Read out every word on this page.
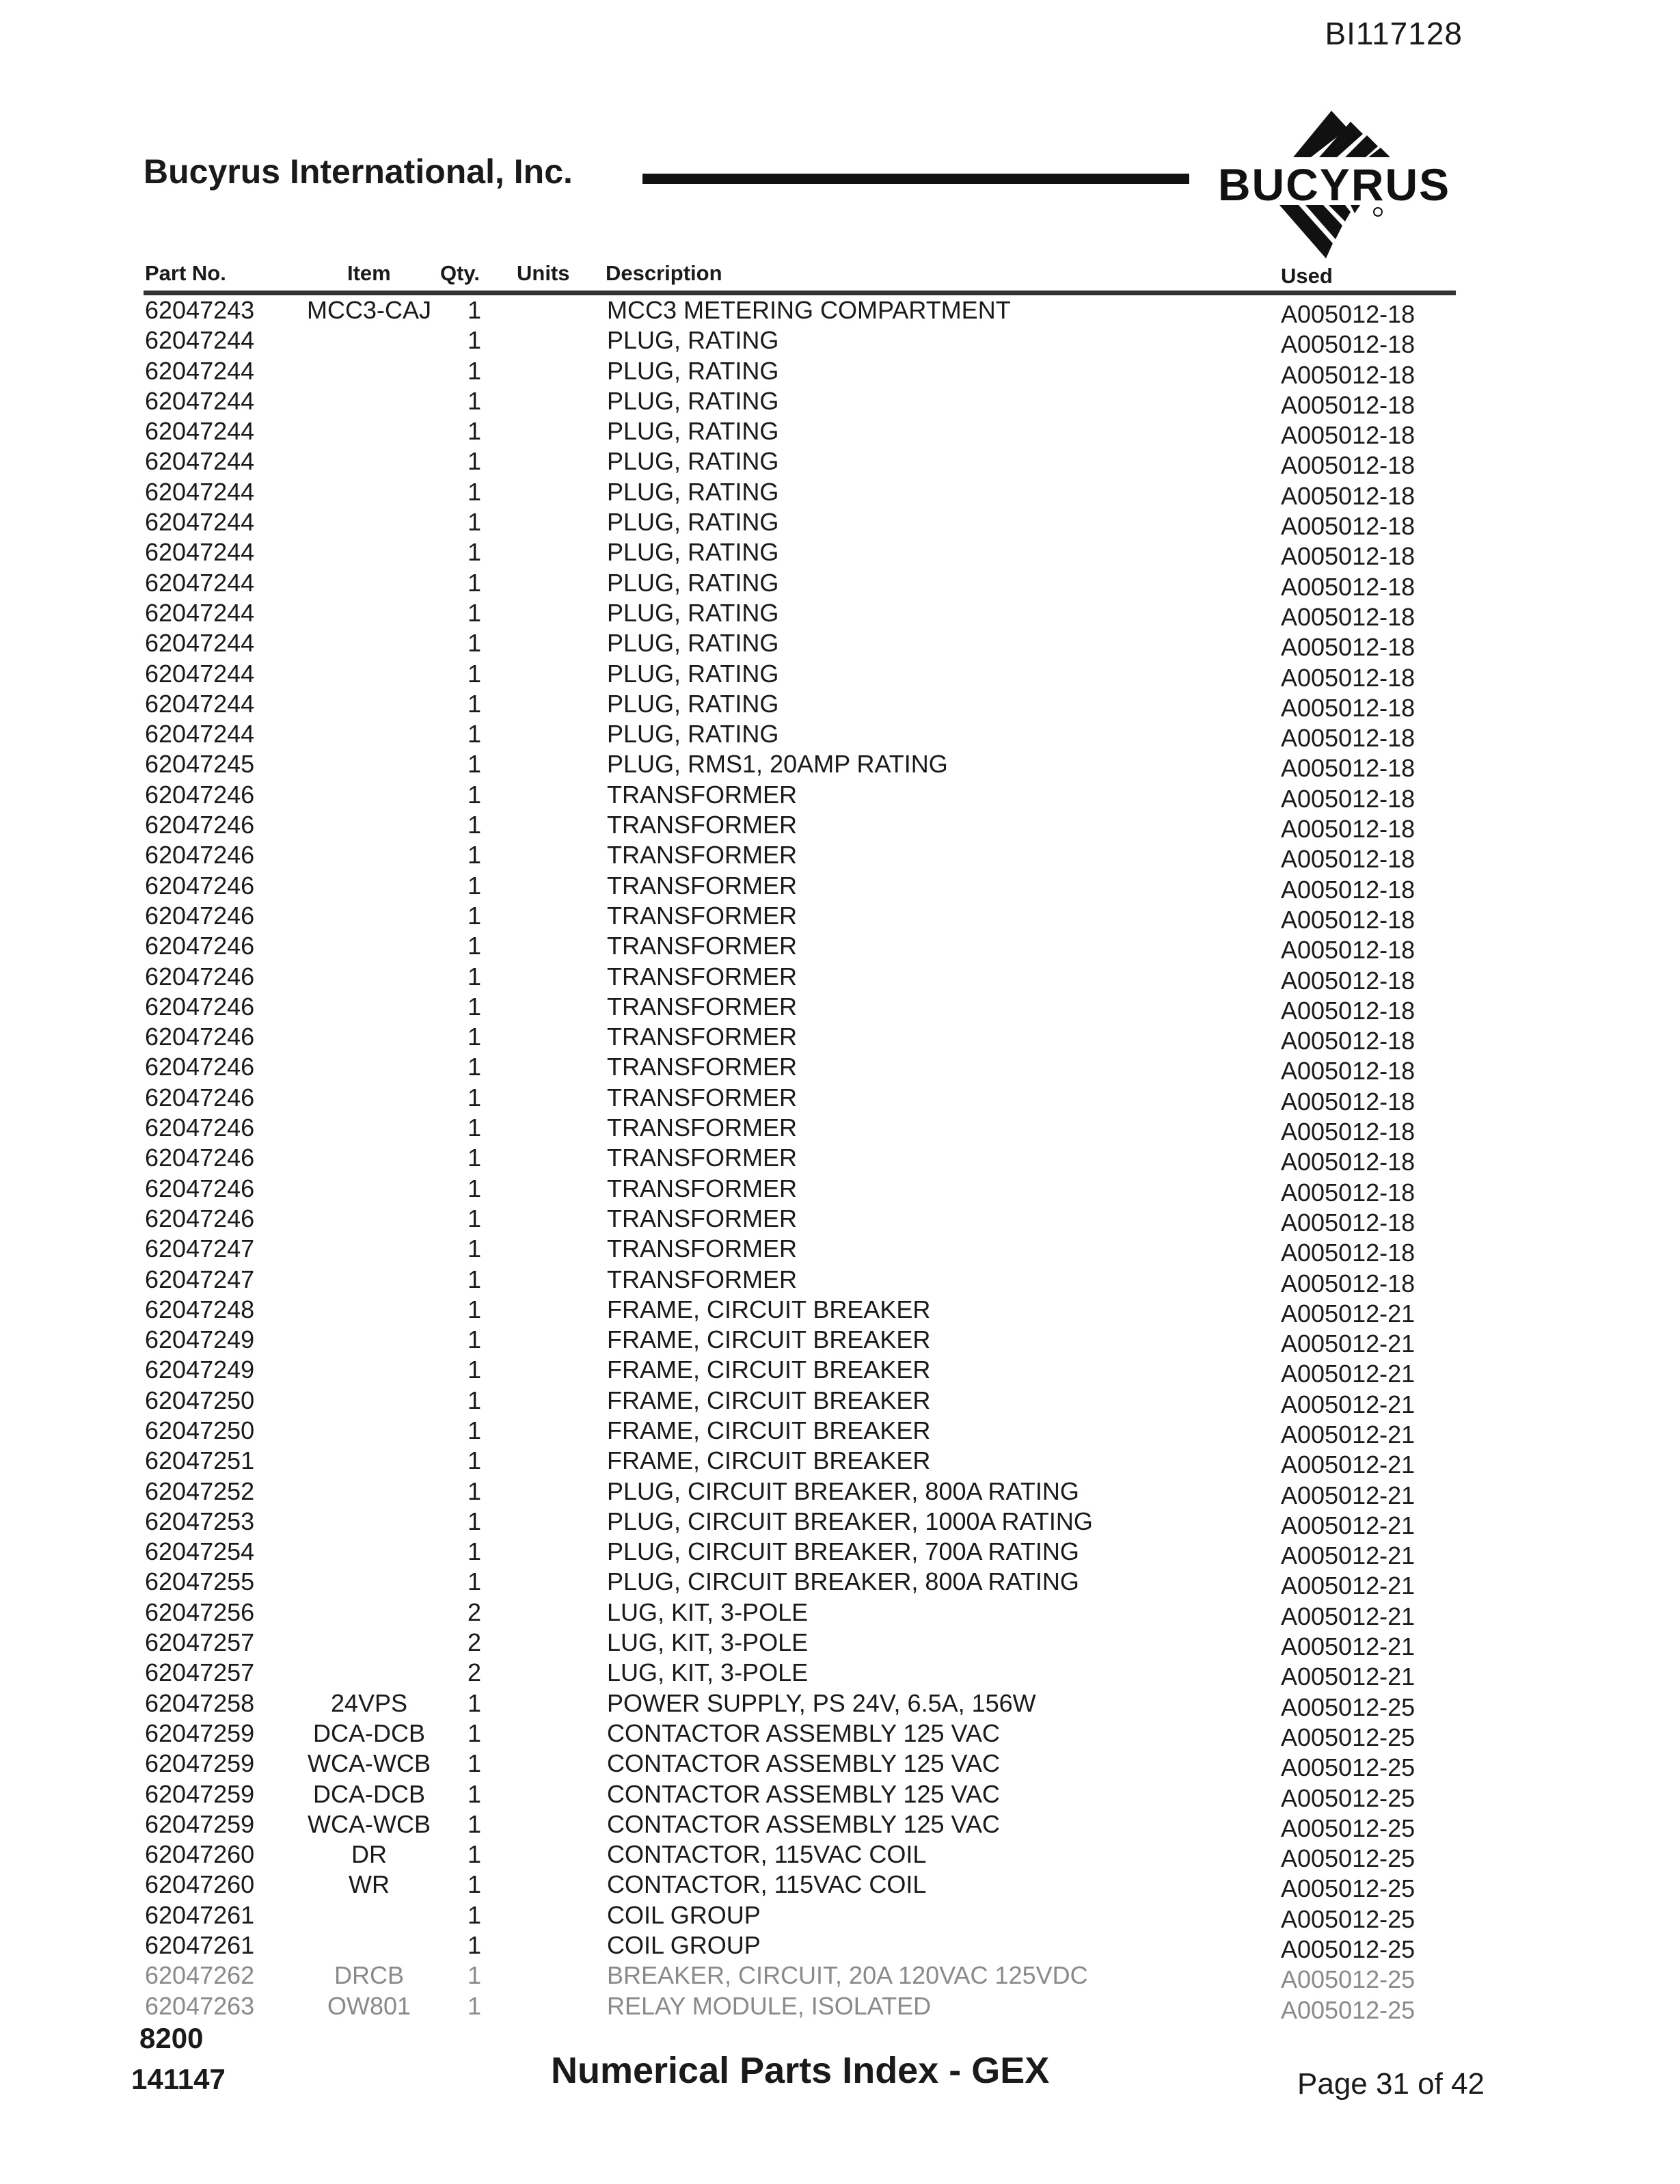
BI117128
Bucyrus International, Inc.	BUCYRUS
Part No.	Item Qty. Units Description	Used
62047243	MCC3-CAJ	1	MCC3 METERING COMPARTMENT	A005012-18
62047244	1	PLUG, RATING	A005012-18
62047244	1	PLUG, RATING	A005012-18
62047244	1	PLUG, RATING	A005012-18
62047244	1	PLUG, RATING	A005012-18
62047244	1	PLUG, RATING	A005012-18
62047244	1	PLUG, RATING	A005012-18
62047244	1	PLUG, RATING	A005012-18
62047244	1	PLUG, RATING	A005012-18
62047244	1	PLUG, RATING	A005012-18
62047244	1	PLUG, RATING	A005012-18
62047244	1	PLUG, RATING	A005012-18
62047244	1	PLUG, RATING	A005012-18
62047244	1	PLUG, RATING	A005012-18
62047244	1	PLUG, RATING	A005012-18
62047245	1	PLUG, RMS1, 20AMP RATING	A005012-18
62047246	1	TRANSFORMER	A005012-18
62047246	1	TRANSFORMER	A005012-18
62047246	1	TRANSFORMER	A005012-18
62047246	1	TRANSFORMER	A005012-18
62047246	1	TRANSFORMER	A005012-18
62047246	1	TRANSFORMER	A005012-18
62047246	1	TRANSFORMER	A005012-18
62047246	1	TRANSFORMER	A005012-18
62047246	1	TRANSFORMER	A005012-18
62047246	1	TRANSFORMER	A005012-18
62047246	1	TRANSFORMER	A005012-18
62047246	1	TRANSFORMER	A005012-18
62047246	1	TRANSFORMER	A005012-18
62047246	1	TRANSFORMER	A005012-18
62047246	1	TRANSFORMER	A005012-18
62047247	1	TRANSFORMER	A005012-18
62047247	1	TRANSFORMER	A005012-18
62047248	1	FRAME, CIRCUIT BREAKER	A005012-21
62047249	1	FRAME, CIRCUIT BREAKER	A005012-21
62047249	1	FRAME, CIRCUIT BREAKER	A005012-21
62047250	1	FRAME, CIRCUIT BREAKER	A005012-21
62047250	1	FRAME, CIRCUIT BREAKER	A005012-21
62047251	1	FRAME, CIRCUIT BREAKER	A005012-21
62047252	1	PLUG, CIRCUIT BREAKER, 800A RATING	A005012-21
62047253	1	PLUG, CIRCUIT BREAKER, 1000A RATING	A005012-21
62047254	1	PLUG, CIRCUIT BREAKER, 700A RATING	A005012-21
62047255	1	PLUG, CIRCUIT BREAKER, 800A RATING	A005012-21
62047256	2	LUG, KIT, 3-POLE	A005012-21
62047257	2	LUG, KIT, 3-POLE	A005012-21
62047257	2	LUG, KIT, 3-POLE	A005012-21
62047258	24VPS	1	POWER SUPPLY, PS 24V, 6.5A, 156W	A005012-25
62047259	DCA-DCB	1	CONTACTOR ASSEMBLY 125 VAC	A005012-25
62047259	WCA-WCB	1	CONTACTOR ASSEMBLY 125 VAC	A005012-25
62047259	DCA-DCB	1	CONTACTOR ASSEMBLY 125 VAC	A005012-25
62047259	WCA-WCB	1	CONTACTOR ASSEMBLY 125 VAC	A005012-25
62047260	DR	1	CONTACTOR, 115VAC COIL	A005012-25
62047260	WR	1	CONTACTOR, 115VAC COIL	A005012-25
62047261	1	COIL GROUP	A005012-25
62047261	1	COIL GROUP	A005012-25
62047262	DRCB	1	BREAKER, CIRCUIT, 20A 120VAC 125VDC	A005012-25
62047263	OW801	1	RELAY MODULE, ISOLATED	A005012-25
8200
141147	Numerical Parts Index - GEX	Page 31 of 42
